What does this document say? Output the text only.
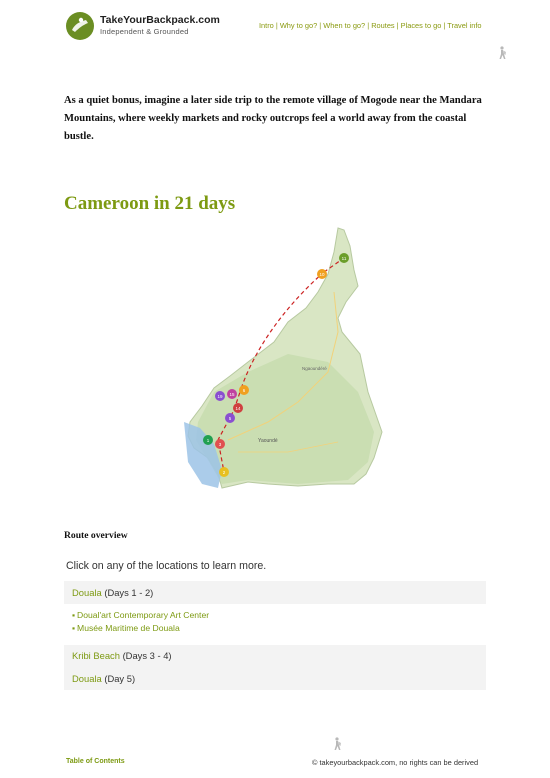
TakeYourBackpack.com
Independent & Grounded
Intro | Why to go? | When to go? | Routes | Places to go | Travel info

As a quiet bonus, imagine a later side trip to the remote village of Mogode near the Mandara Mountains, where weekly markets and rocky outcrops feel a world away from the coastal bustle.

Cameroon in 21 days
Yaoundé
Ngaoundéré
10
11
6
19 15
14
5
3
1
2
Route overview

Click on any of the locations to learn more.

Douala (Days 1 - 2)
▪ Doual'art Contemporary Art Center
▪ Musée Maritime de Douala
Kribi Beach (Days 3 - 4)
Douala (Day 5)
Table of Contents	© takeyourbackpack.com, no rights can be derived
